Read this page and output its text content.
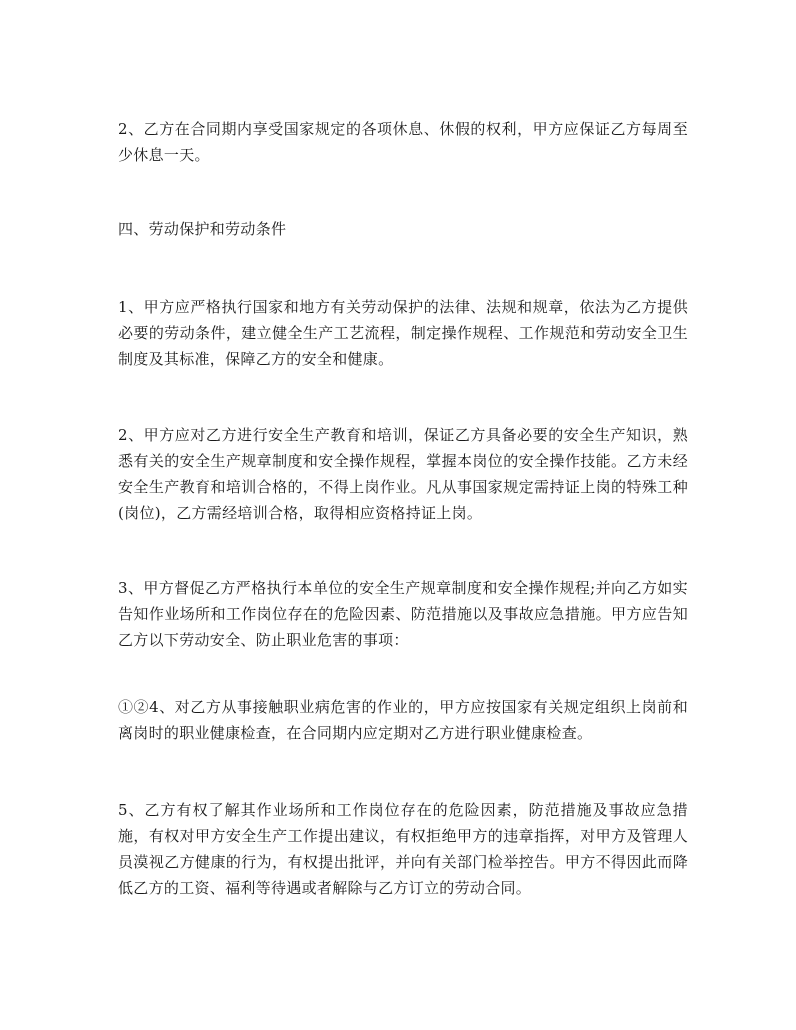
2、乙方在合同期内享受国家规定的各项休息、休假的权利，甲方应保证乙方每周至少休息一天。

四、劳动保护和劳动条件

1、甲方应严格执行国家和地方有关劳动保护的法律、法规和规章，依法为乙方提供必要的劳动条件，建立健全生产工艺流程，制定操作规程、工作规范和劳动安全卫生制度及其标准，保障乙方的安全和健康。

2、甲方应对乙方进行安全生产教育和培训，保证乙方具备必要的安全生产知识，熟悉有关的安全生产规章制度和安全操作规程，掌握本岗位的安全操作技能。乙方未经安全生产教育和培训合格的，不得上岗作业。凡从事国家规定需持证上岗的特殊工种(岗位)，乙方需经培训合格，取得相应资格持证上岗。

3、甲方督促乙方严格执行本单位的安全生产规章制度和安全操作规程;并向乙方如实告知作业场所和工作岗位存在的危险因素、防范措施以及事故应急措施。甲方应告知乙方以下劳动安全、防止职业危害的事项：

①②4、对乙方从事接触职业病危害的作业的，甲方应按国家有关规定组织上岗前和离岗时的职业健康检查，在合同期内应定期对乙方进行职业健康检查。

5、乙方有权了解其作业场所和工作岗位存在的危险因素，防范措施及事故应急措施，有权对甲方安全生产工作提出建议，有权拒绝甲方的违章指挥，对甲方及管理人员漠视乙方健康的行为，有权提出批评，并向有关部门检举控告。甲方不得因此而降低乙方的工资、福利等待遇或者解除与乙方订立的劳动合同。
